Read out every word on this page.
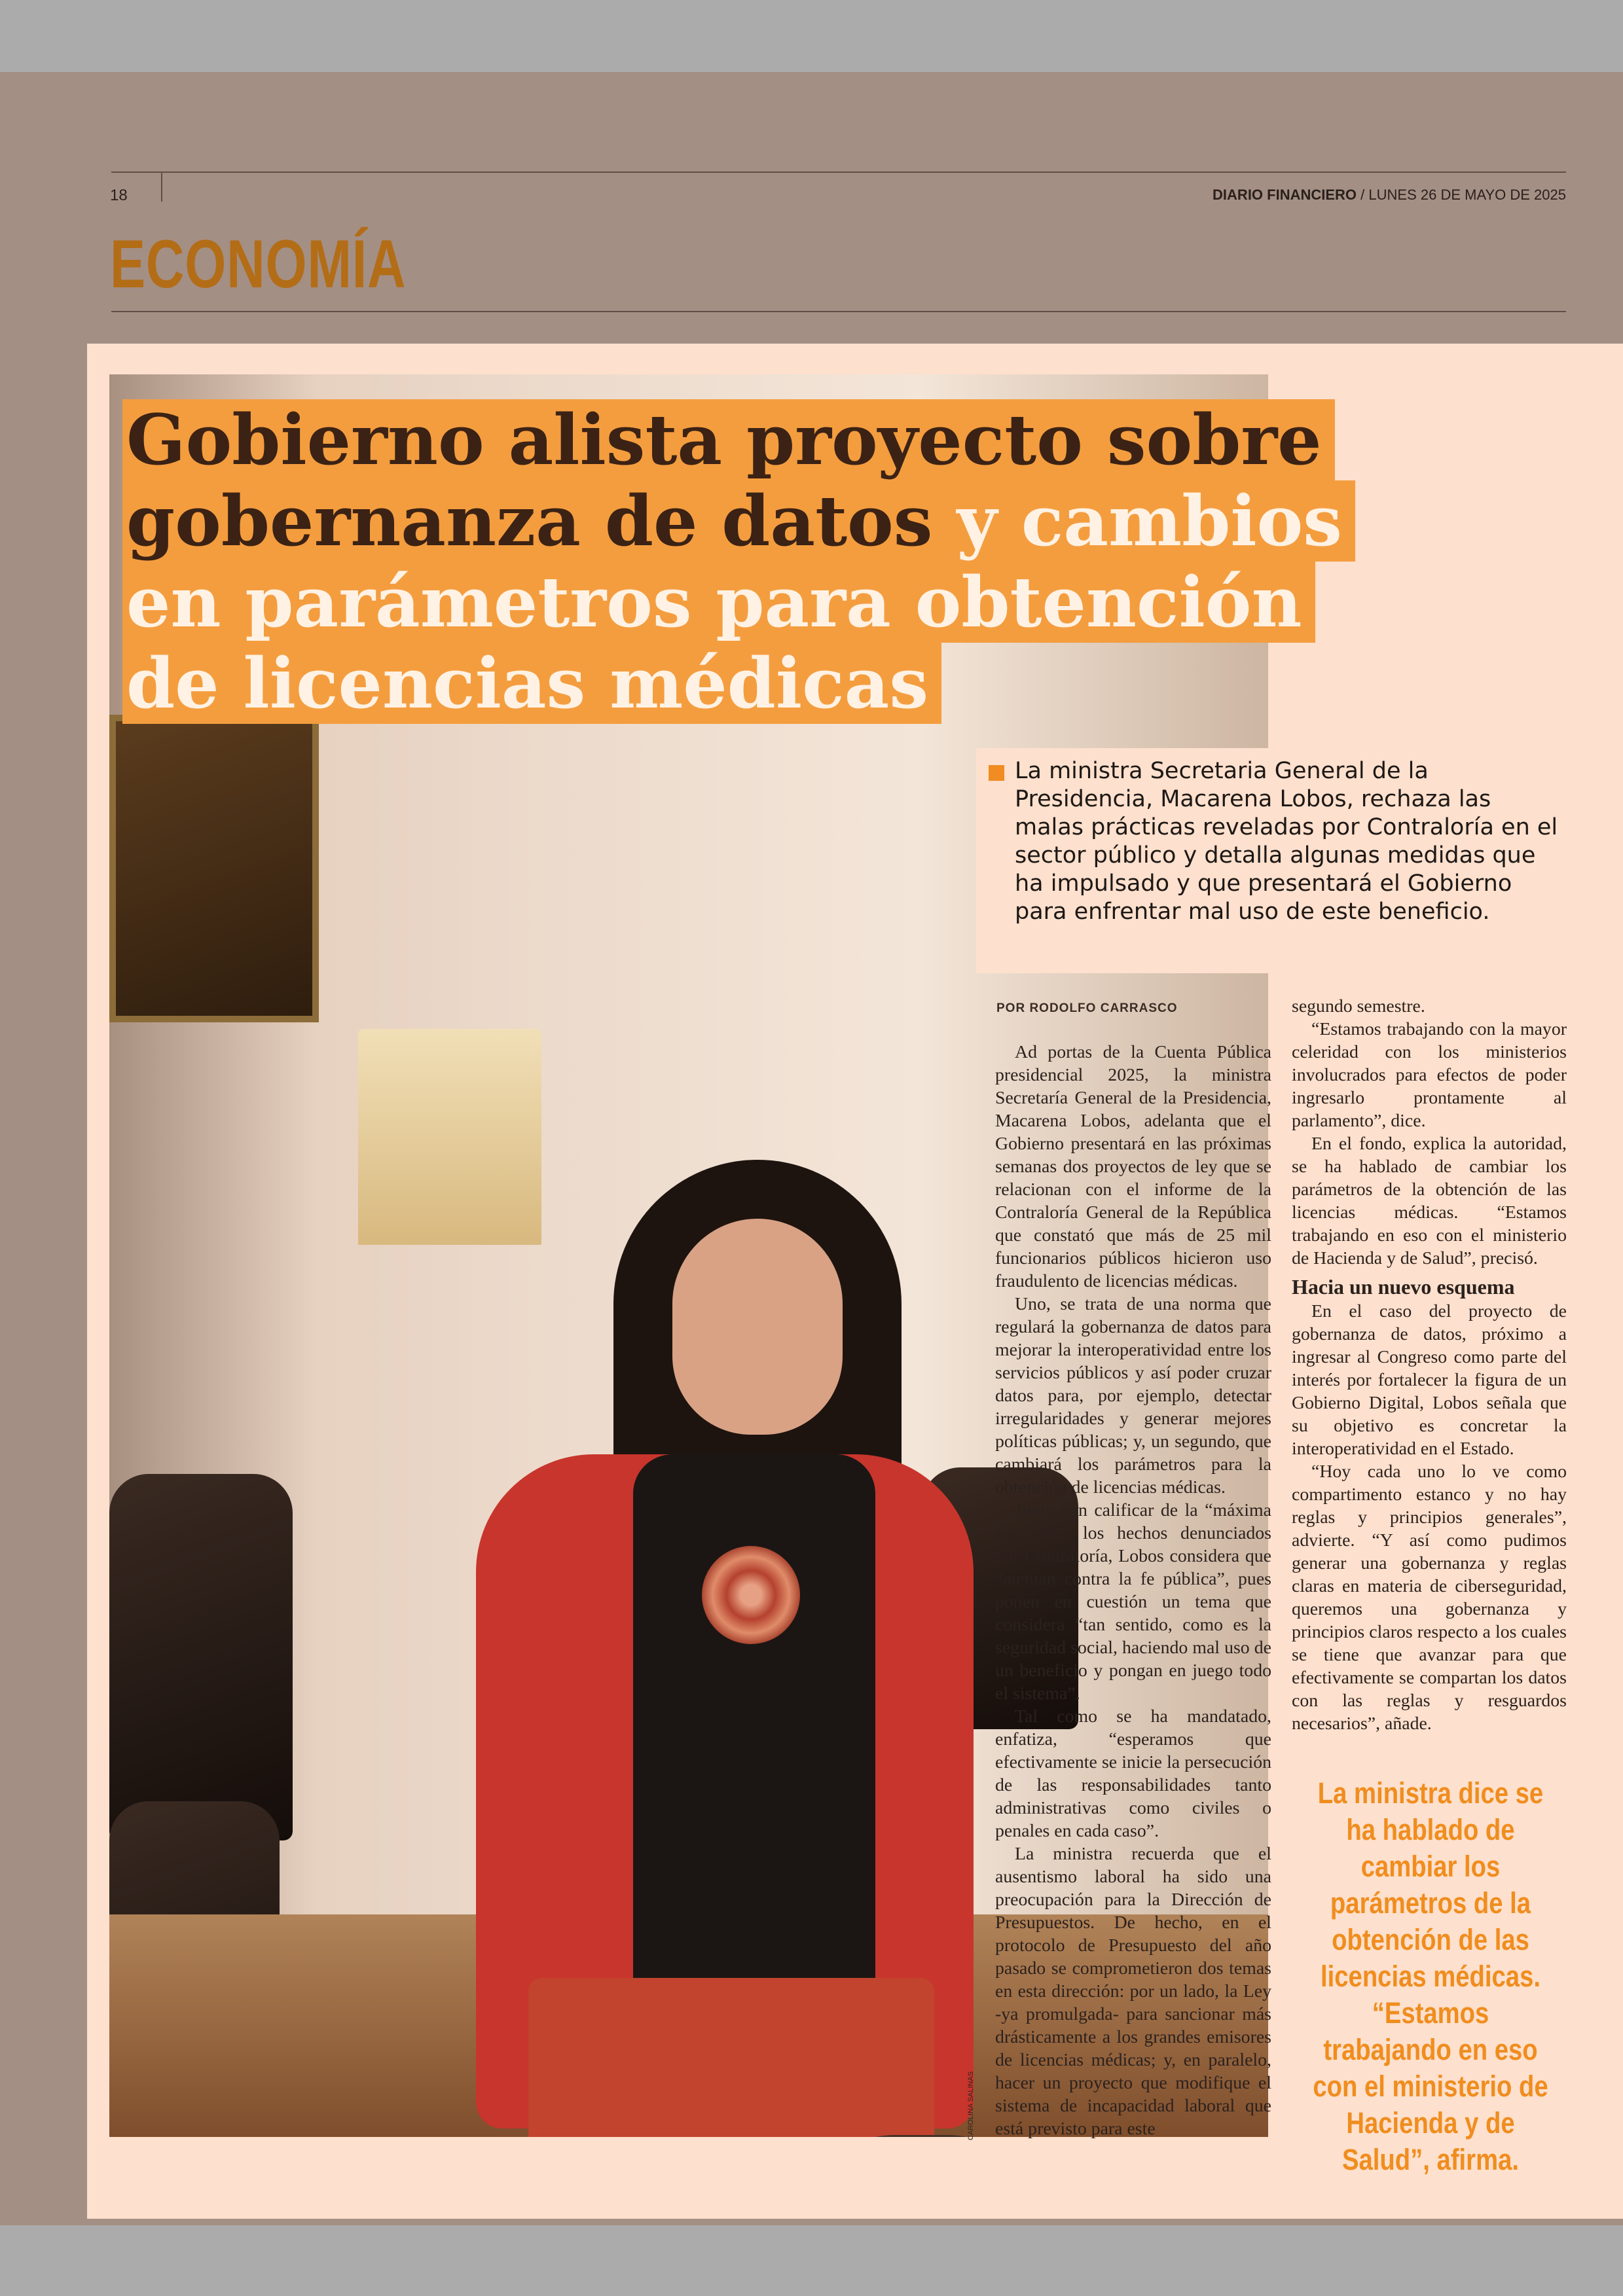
18	DIARIO FINANCIERO / LUNES 26 DE MAYO DE 2025
ECONOMÍA
Gobierno alista proyecto sobre
gobernanza de datos y cambios
en parámetros para obtención
de licencias médicas
La ministra Secretaria General de la Presidencia, Macarena Lobos, rechaza las malas prácticas reveladas por Contraloría en el sector público y detalla algunas medidas que ha impulsado y que presentará el Gobierno para enfrentar mal uso de este beneficio.
POR RODOLFO CARRASCO

Ad portas de la Cuenta Pública presidencial 2025, la ministra Secretaría General de la Presidencia, Macarena Lobos, adelanta que el Gobierno presentará en las próximas semanas dos proyectos de ley que se relacionan con el informe de la Contraloría General de la República que constató que más de 25 mil funcionarios públicos hicieron uso fraudulento de licencias médicas.

Uno, se trata de una norma que regulará la gobernanza de datos para mejorar la interoperatividad entre los servicios públicos y así poder cruzar datos para, por ejemplo, detectar irregularidades y generar mejores políticas públicas; y, un segundo, que cambiará los parámetros para la obtención de licencias médicas.

Junto con calificar de la “máxima gravedad” los hechos denunciados por Contraloría, Lobos considera que “atentan contra la fe pública”, pues ponen en cuestión un tema que considera “tan sentido, como es la seguridad social, haciendo mal uso de un beneficio y pongan en juego todo el sistema”.

Tal como se ha mandatado, enfatiza, “esperamos que efectivamente se inicie la persecución de las responsabilidades tanto administrativas como civiles o penales en cada caso”.

La ministra recuerda que el ausentismo laboral ha sido una preocupación para la Dirección de Presupuestos. De hecho, en el protocolo de Presupuesto del año pasado se comprometieron dos temas en esta dirección: por un lado, la Ley -ya promulgada- para sancionar más drásticamente a los grandes emisores de licencias médicas; y, en paralelo, hacer un proyecto que modifique el sistema de incapacidad laboral que está previsto para este

segundo semestre.

“Estamos trabajando con la mayor celeridad con los ministerios involucrados para efectos de poder ingresarlo prontamente al parlamento”, dice.

En el fondo, explica la autoridad, se ha hablado de cambiar los parámetros de la obtención de las licencias médicas. “Estamos trabajando en eso con el ministerio de Hacienda y de Salud”, precisó.

Hacia un nuevo esquema

En el caso del proyecto de gobernanza de datos, próximo a ingresar al Congreso como parte del interés por fortalecer la figura de un Gobierno Digital, Lobos señala que su objetivo es concretar la interoperatividad en el Estado.

“Hoy cada uno lo ve como compartimento estanco y no hay reglas y principios generales”, advierte. “Y así como pudimos generar una gobernanza y reglas claras en materia de ciberseguridad, queremos una gobernanza y principios claros respecto a los cuales se tiene que avanzar para que efectivamente se compartan los datos con las reglas y resguardos necesarios”, añade.

La ministra dice se ha hablado de cambiar los parámetros de la obtención de las licencias médicas. “Estamos trabajando en eso con el ministerio de Hacienda y de Salud”, afirma.
CAROLINA SALINAS
